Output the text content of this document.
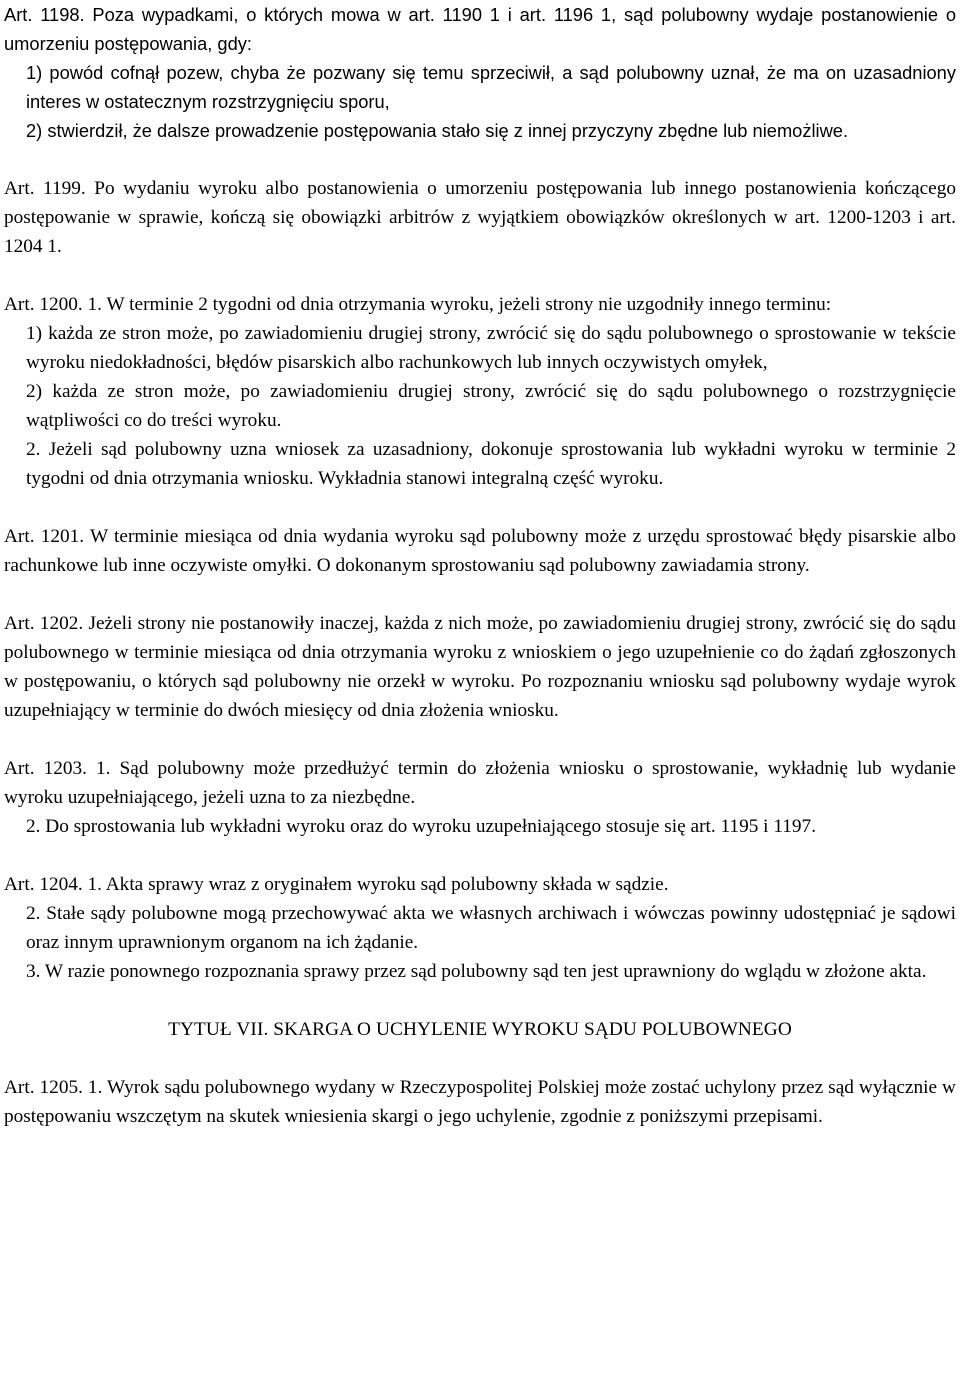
Art. 1198. Poza wypadkami, o których mowa w art. 1190 1 i art. 1196 1, sąd polubowny wydaje postanowienie o umorzeniu postępowania, gdy:

1) powód cofnął pozew, chyba że pozwany się temu sprzeciwił, a sąd polubowny uznał, że ma on uzasadniony interes w ostatecznym rozstrzygnięciu sporu,

2) stwierdził, że dalsze prowadzenie postępowania stało się z innej przyczyny zbędne lub niemożliwe.

Art. 1199. Po wydaniu wyroku albo postanowienia o umorzeniu postępowania lub innego postanowienia kończącego postępowanie w sprawie, kończą się obowiązki arbitrów z wyjątkiem obowiązków określonych w art. 1200-1203 i art. 1204 1.

Art. 1200. 1. W terminie 2 tygodni od dnia otrzymania wyroku, jeżeli strony nie uzgodniły innego terminu:

1) każda ze stron może, po zawiadomieniu drugiej strony, zwrócić się do sądu polubownego o sprostowanie w tekście wyroku niedokładności, błędów pisarskich albo rachunkowych lub innych oczywistych omyłek,

2) każda ze stron może, po zawiadomieniu drugiej strony, zwrócić się do sądu polubownego o rozstrzygnięcie wątpliwości co do treści wyroku.

2. Jeżeli sąd polubowny uzna wniosek za uzasadniony, dokonuje sprostowania lub wykładni wyroku w terminie 2 tygodni od dnia otrzymania wniosku. Wykładnia stanowi integralną część wyroku.

Art. 1201. W terminie miesiąca od dnia wydania wyroku sąd polubowny może z urzędu sprostować błędy pisarskie albo rachunkowe lub inne oczywiste omyłki. O dokonanym sprostowaniu sąd polubowny zawiadamia strony.

Art. 1202. Jeżeli strony nie postanowiły inaczej, każda z nich może, po zawiadomieniu drugiej strony, zwrócić się do sądu polubownego w terminie miesiąca od dnia otrzymania wyroku z wnioskiem o jego uzupełnienie co do żądań zgłoszonych w postępowaniu, o których sąd polubowny nie orzekł w wyroku. Po rozpoznaniu wniosku sąd polubowny wydaje wyrok uzupełniający w terminie do dwóch miesięcy od dnia złożenia wniosku.

Art. 1203. 1. Sąd polubowny może przedłużyć termin do złożenia wniosku o sprostowanie, wykładnię lub wydanie wyroku uzupełniającego, jeżeli uzna to za niezbędne.

2. Do sprostowania lub wykładni wyroku oraz do wyroku uzupełniającego stosuje się art. 1195 i 1197.

Art. 1204. 1. Akta sprawy wraz z oryginałem wyroku sąd polubowny składa w sądzie.

2. Stałe sądy polubowne mogą przechowywać akta we własnych archiwach i wówczas powinny udostępniać je sądowi oraz innym uprawnionym organom na ich żądanie.

3. W razie ponownego rozpoznania sprawy przez sąd polubowny sąd ten jest uprawniony do wglądu w złożone akta.

TYTUŁ VII. SKARGA O UCHYLENIE WYROKU SĄDU POLUBOWNEGO

Art. 1205. 1. Wyrok sądu polubownego wydany w Rzeczypospolitej Polskiej może zostać uchylony przez sąd wyłącznie w postępowaniu wszczętym na skutek wniesienia skargi o jego uchylenie, zgodnie z poniższymi przepisami.
